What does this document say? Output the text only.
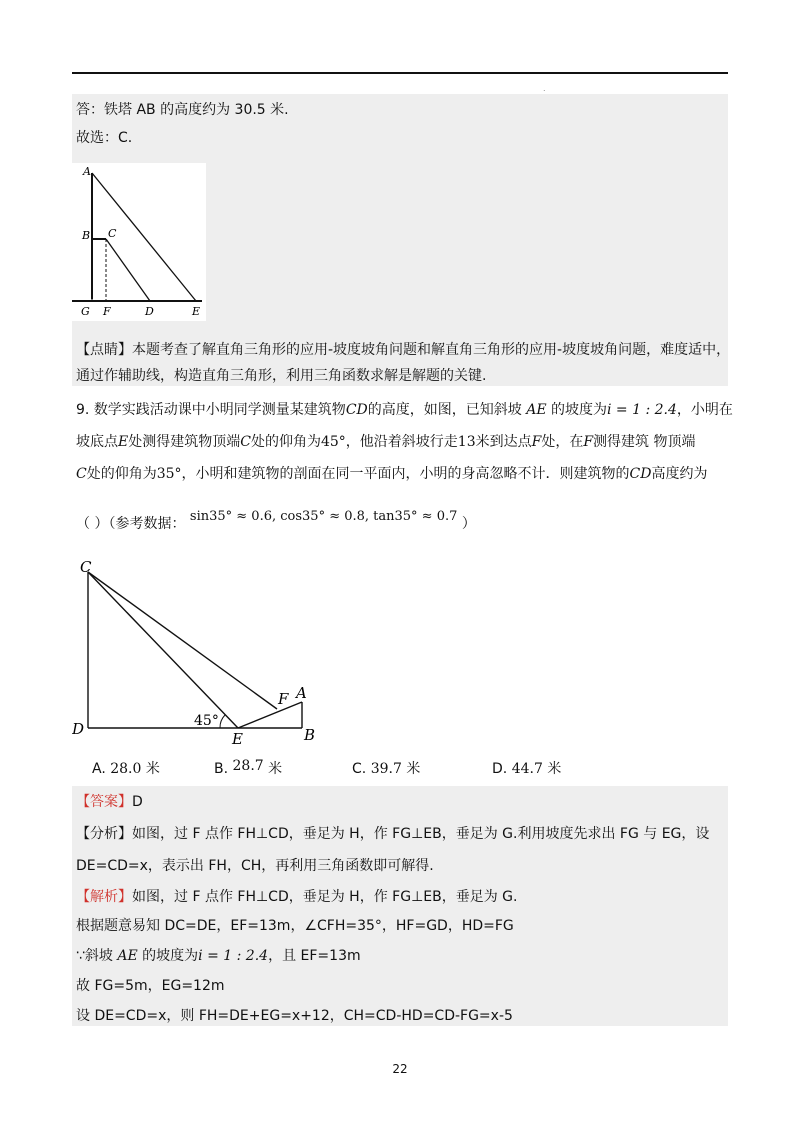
.
答：铁塔 AB 的高度约为 30.5 米.
故选：C.
A
B C
G F	D	E
【点睛】本题考查了解直角三角形的应用-坡度坡角问题和解直角三角形的应用-坡度坡角问题，难度适中，
通过作辅助线，构造直角三角形，利用三角函数求解是解题的关键.
9. 数学实践活动课中小明同学测量某建筑物CD的高度，如图，已知斜坡 AE 的坡度为i = 1 : 2.4，小明在
坡底点E处测得建筑物顶端C处的仰角为45°，他沿着斜坡行走13米到达点F处，在F测得建筑 物顶端
C处的仰角为35°，小明和建筑物的剖面在同一平面内，小明的身高忽略不计．则建筑物的CD高度约为
（ ）（参考数据： sin35° ≈ 0.6, cos35° ≈ 0.8, tan35° ≈ 0.7 ）
C
D
E
F A
B
45°
A. 28.0 米	B. 28.7 米	C. 39.7 米	D. 44.7 米
【答案】D
【分析】如图，过 F 点作 FH⊥CD，垂足为 H，作 FG⊥EB，垂足为 G.利用坡度先求出 FG 与 EG，设
DE=CD=x，表示出 FH，CH，再利用三角函数即可解得.
【解析】如图，过 F 点作 FH⊥CD，垂足为 H，作 FG⊥EB，垂足为 G.
根据题意易知 DC=DE，EF=13m，∠CFH=35°，HF=GD，HD=FG
∵斜坡 AE 的坡度为i = 1 : 2.4，且 EF=13m
故 FG=5m，EG=12m
设 DE=CD=x，则 FH=DE+EG=x+12，CH=CD-HD=CD-FG=x-5
22
